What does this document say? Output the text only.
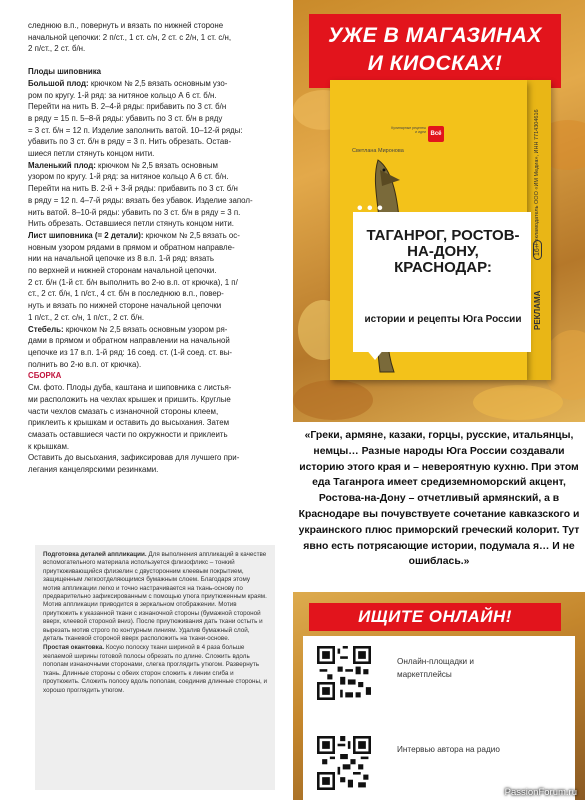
следнюю в.п., повернуть и вязать по нижней стороне

начальной цепочки: 2 п/ст., 1 ст. с/н, 2 ст. с 2/н, 1 ст. с/н,

2 п/ст., 2 ст. б/н.

Плоды шиповника

Большой плод: крючком № 2,5 вязать основным узо-

ром по кругу. 1-й ряд: за нитяное кольцо А 6 ст. б/н.

Перейти на нить В. 2–4-й ряды: прибавить по 3 ст. б/н

в ряду = 15 п. 5–8-й ряды: убавить по 3 ст. б/н в ряду

= 3 ст. б/н = 12 п. Изделие заполнить ватой. 10–12-й ряды:

убавить по 3 ст. б/н в ряду = 3 п. Нить обрезать. Остав-

шиеся петли стянуть концом нити.

Маленький плод: крючком № 2,5 вязать основным

узором по кругу. 1-й ряд: за нитяное кольцо А 6 ст. б/н.

Перейти на нить В. 2-й + 3-й ряды: прибавить по 3 ст. б/н

в ряду = 12 п. 4–7-й ряды: вязать без убавок. Изделие запол-

нить ватой. 8–10-й ряды: убавить по 3 ст. б/н в ряду = 3 п.

Нить обрезать. Оставшиеся петли стянуть концом нити.

Лист шиповника (= 2 детали): крючком № 2,5 вязать ос-

новным узором рядами в прямом и обратном направле-

нии на начальной цепочке из 8 в.п. 1-й ряд: вязать

по верхней и нижней сторонам начальной цепочки.

2 ст. б/н (1-й ст. б/н выполнить во 2-ю в.п. от крючка), 1 п/

ст., 2 ст. б/н, 1 п/ст., 4 ст. б/н в последнюю в.п., повер-

нуть и вязать по нижней стороне начальной цепочки

1 п/ст., 2 ст. с/н, 1 п/ст., 2 ст. б/н.

Стебель: крючком № 2,5 вязать основным узором ря-

дами в прямом и обратном направлении на начальной

цепочке из 17 в.п. 1-й ряд: 16 соед. ст. (1-й соед. ст. вы-

полнить во 2-ю в.п. от крючка).

СБОРКА

См. фото. Плоды дуба, каштана и шиповника с листья-

ми расположить на чехлах крышек и пришить. Круглые

части чехлов смазать с изнаночной стороны клеем,

приклеить к крышкам и оставить до высыхания. Затем

смазать оставшиеся части по окружности и приклеить

к крышкам.

Оставить до высыхания, зафиксировав для лучшего при-

легания канцелярскими резинками.

Подготовка деталей аппликации. Для выполнения аппликаций в качестве вспомогательного материала используется флизофликс – тонкий приутюживающийся флизелин с двусторонним клеевым покрытием, защищенным легкоотделяющимся бумажным слоем. Благодаря этому мотив аппликации легко и точно настрачивается на ткань-основу по предварительно зафиксированным с помощью утюга приутюженным краям. Мотив аппликации приводится в зеркальном отображении. Мотив приутюжить к указанной ткани с изнаночной стороны (бумажной стороной вверх, клеевой стороной вниз). После приутюживания дать ткани остыть и вырезать мотив строго по контурным линиям. Удалив бумажный слой, деталь тканевой стороной вверх расположить на ткани-основе.

Простая окантовка. Косую полоску ткани шириной в 4 раза больше желаемой ширины готовой полосы обрезать по длине. Сложить вдоль пополам изнаночными сторонами, слегка проглядить утюгом. Развернуть ткань. Длинные стороны с обеих сторон сложить к линии сгиба и проутюжить. Сложить полосу вдоль пополам, соединив длинные стороны, и хорошо проглядить утюгом.

УЖЕ В МАГАЗИНАХ
И КИОСКАХ!
РЕКЛАМА
16+
Рекламодатель ООО «ИМ Медиа», ИНН 7714304616
Кулинарные рецепты и идеи Всё
Светлана Миронова
• • •
ТАГАНРОГ, РОСТОВ-НА-ДОНУ, КРАСНОДАР:
истории и рецепты Юга России

«Греки, армяне, казаки, горцы, русские, итальянцы, немцы… Разные народы Юга России создавали историю этого края и – невероятную кухню. При этом еда Таганрога имеет средиземноморский акцент, Ростова-на-Дону – отчетливый армянский, а в Краснодаре вы почувствуете сочетание кавказского и украинского плюс приморский греческий колорит. Тут явно есть потрясающие истории, подумала я… И не ошиблась.»

ИЩИТЕ ОНЛАЙН!
Онлайн-площадки и маркетплейсы
Интервью автора на радио
PassionForum.ru
